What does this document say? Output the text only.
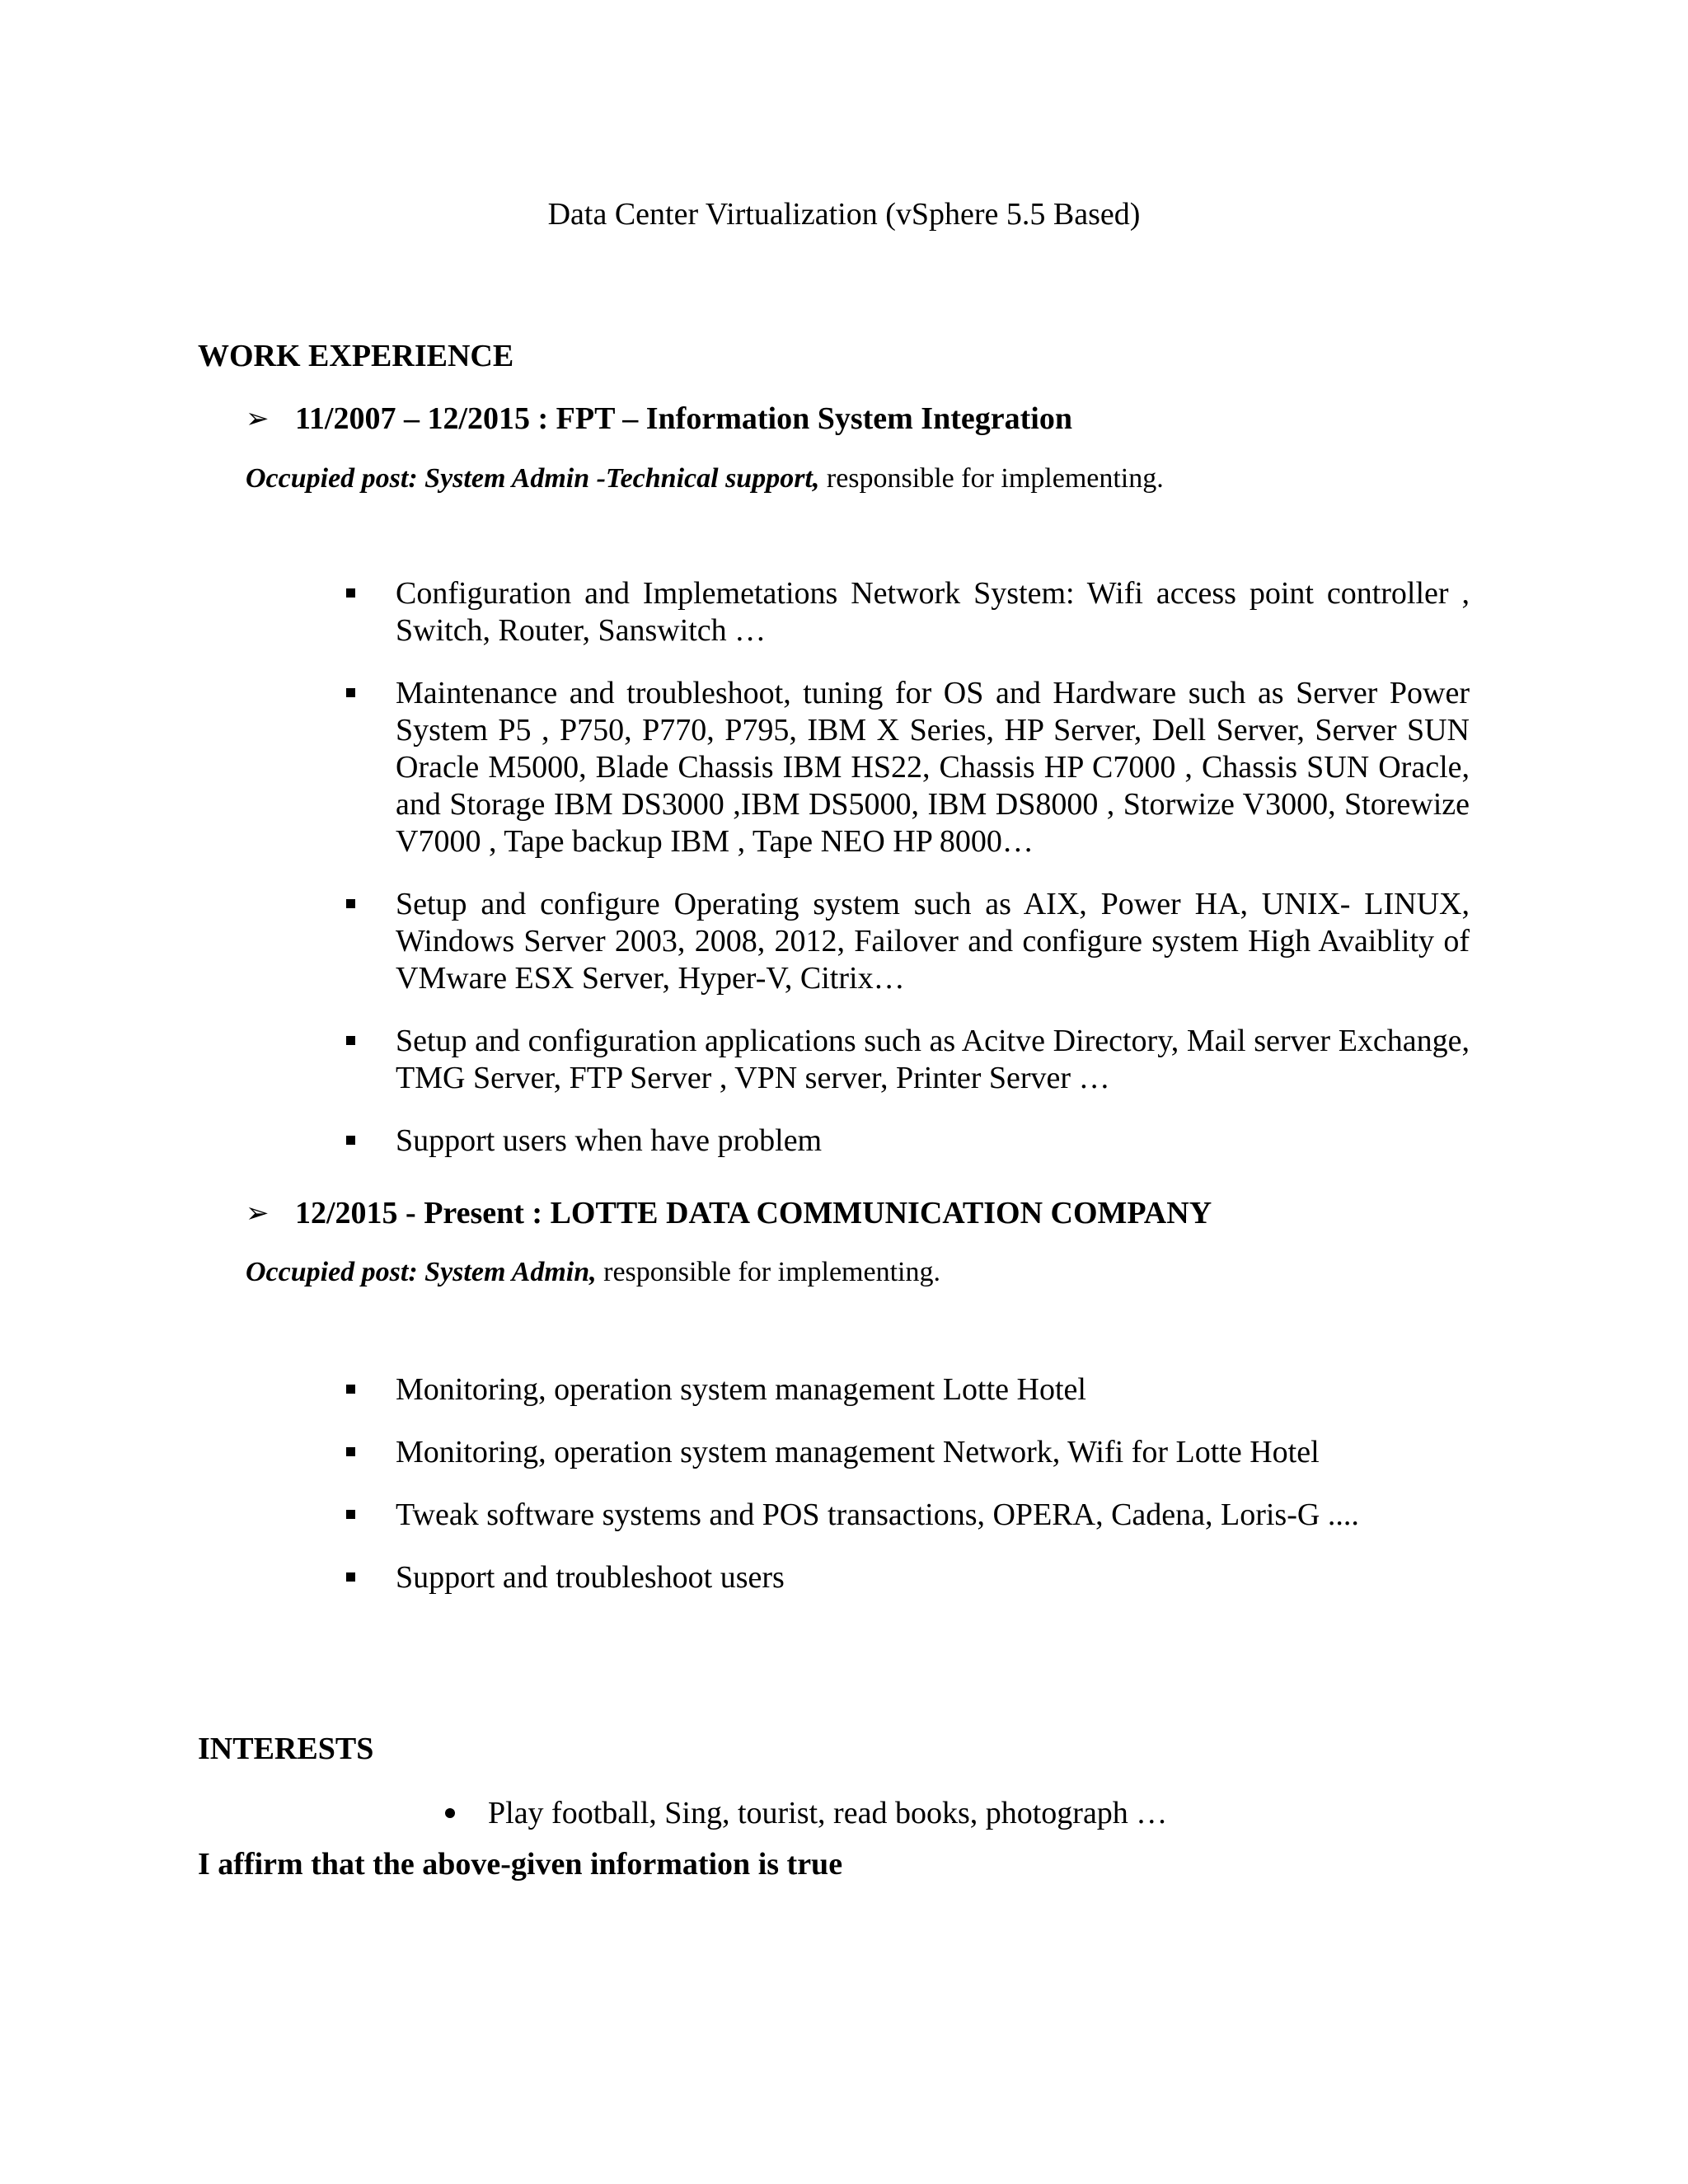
Data Center Virtualization (vSphere 5.5 Based)
WORK EXPERIENCE
➢ 11/2007 – 12/2015 : FPT – Information System Integration
Occupied post: System Admin -Technical support, responsible for implementing.
Configuration and Implemetations Network System: Wifi access point controller , Switch, Router, Sanswitch …
Maintenance and troubleshoot, tuning for OS and Hardware such as Server Power System P5 , P750, P770, P795, IBM X Series, HP Server, Dell Server, Server SUN Oracle M5000, Blade Chassis IBM HS22, Chassis HP C7000 , Chassis SUN Oracle, and Storage IBM DS3000 ,IBM DS5000, IBM DS8000 , Storwize V3000, Storewize V7000 , Tape backup IBM , Tape NEO HP 8000…
Setup and configure Operating system such as AIX, Power HA, UNIX- LINUX, Windows Server 2003, 2008, 2012, Failover and configure system High Avaiblity of VMware ESX Server, Hyper-V, Citrix…
Setup and configuration applications such as Acitve Directory, Mail server Exchange, TMG Server, FTP Server , VPN server, Printer Server …
Support users when have problem
➢ 12/2015 - Present : LOTTE DATA COMMUNICATION COMPANY
Occupied post: System Admin, responsible for implementing.
Monitoring, operation system management Lotte Hotel
Monitoring, operation system management Network, Wifi for Lotte Hotel
Tweak software systems and POS transactions, OPERA, Cadena, Loris-G ....
Support and troubleshoot users
INTERESTS
Play football, Sing, tourist, read books, photograph …
I affirm that the above-given information is true
